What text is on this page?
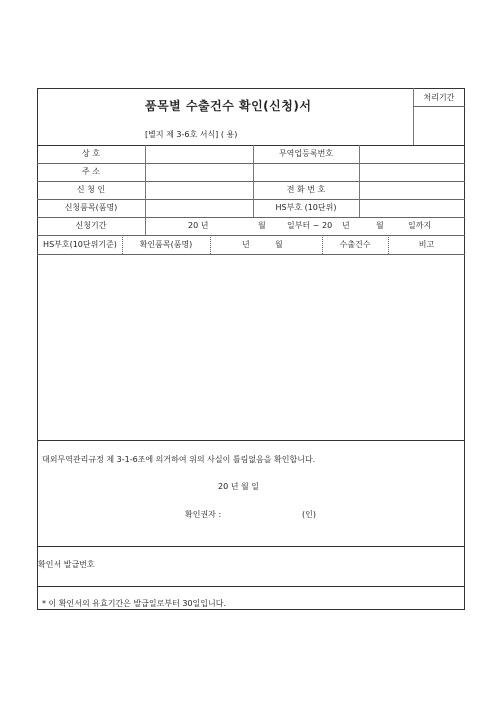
품목별 수출건수 확인(신청)서
[별지 제 3-6호 서식] ( 용)
처리기간
상 호	무역업등록번호
주 소
신 청 인	전 화 번 호
신청품목(품명)	HS부호 (10단위)
신청기간	20 년	월	일부터 ~ 20 년	월	일까지
HS부호(10단위기준)	확인품목(품명)	년	월	수출건수	비고
대외무역관리규정 제 3-1-6조에 의거하여 위의 사실이 틀림없음을 확인합니다.
20 년 월 일
확인권자 :	(인)
확인서 발급번호
* 이 확인서의 유효기간은 발급일로부터 30일입니다.
